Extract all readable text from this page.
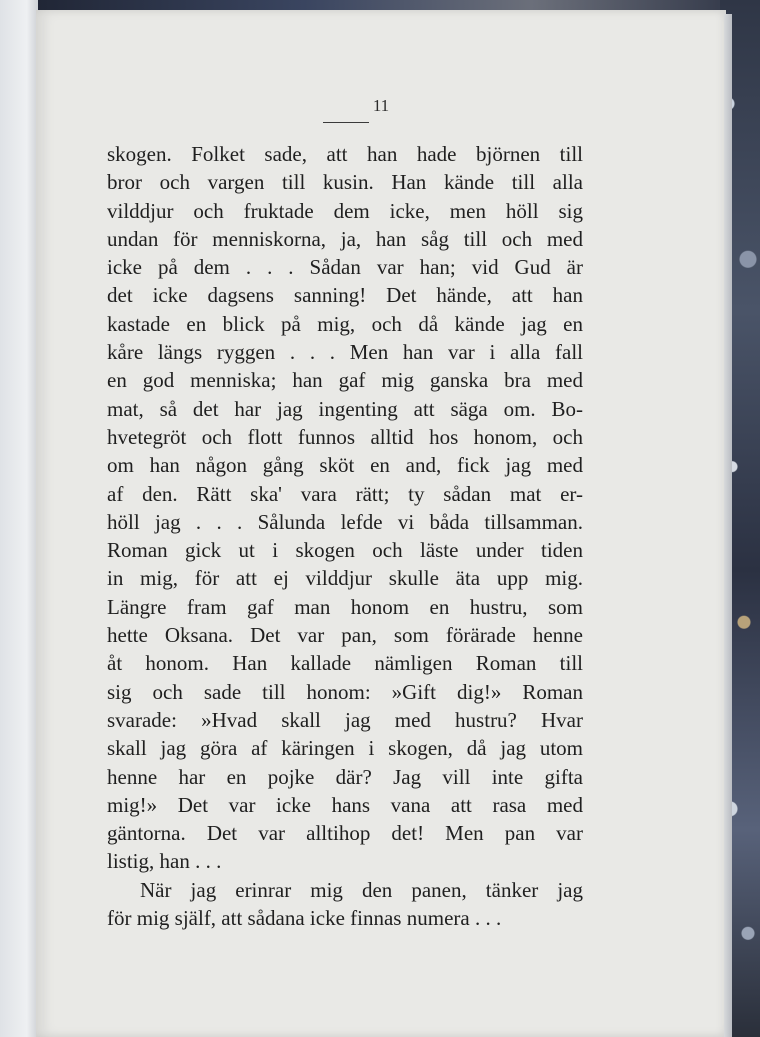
11
skogen. Folket sade, att han hade björnen till
bror och vargen till kusin. Han kände till alla
vilddjur och fruktade dem icke, men höll sig
undan för menniskorna, ja, han såg till och med
icke på dem . . . Sådan var han; vid Gud är
det icke dagsens sanning! Det hände, att han
kastade en blick på mig, och då kände jag en
kåre längs ryggen . . . Men han var i alla fall
en god menniska; han gaf mig ganska bra med
mat, så det har jag ingenting att säga om. Bo-
hvetegröt och flott funnos alltid hos honom, och
om han någon gång sköt en and, fick jag med
af den. Rätt ska' vara rätt; ty sådan mat er-
höll jag . . . Sålunda lefde vi båda tillsamman.
Roman gick ut i skogen och läste under tiden
in mig, för att ej vilddjur skulle äta upp mig.
Längre fram gaf man honom en hustru, som
hette Oksana. Det var pan, som förärade henne
åt honom. Han kallade nämligen Roman till
sig och sade till honom: »Gift dig!» Roman
svarade: »Hvad skall jag med hustru? Hvar
skall jag göra af käringen i skogen, då jag utom
henne har en pojke där? Jag vill inte gifta
mig!» Det var icke hans vana att rasa med
gäntorna. Det var alltihop det! Men pan var
listig, han . . .
När jag erinrar mig den panen, tänker jag
för mig själf, att sådana icke finnas numera . . .
